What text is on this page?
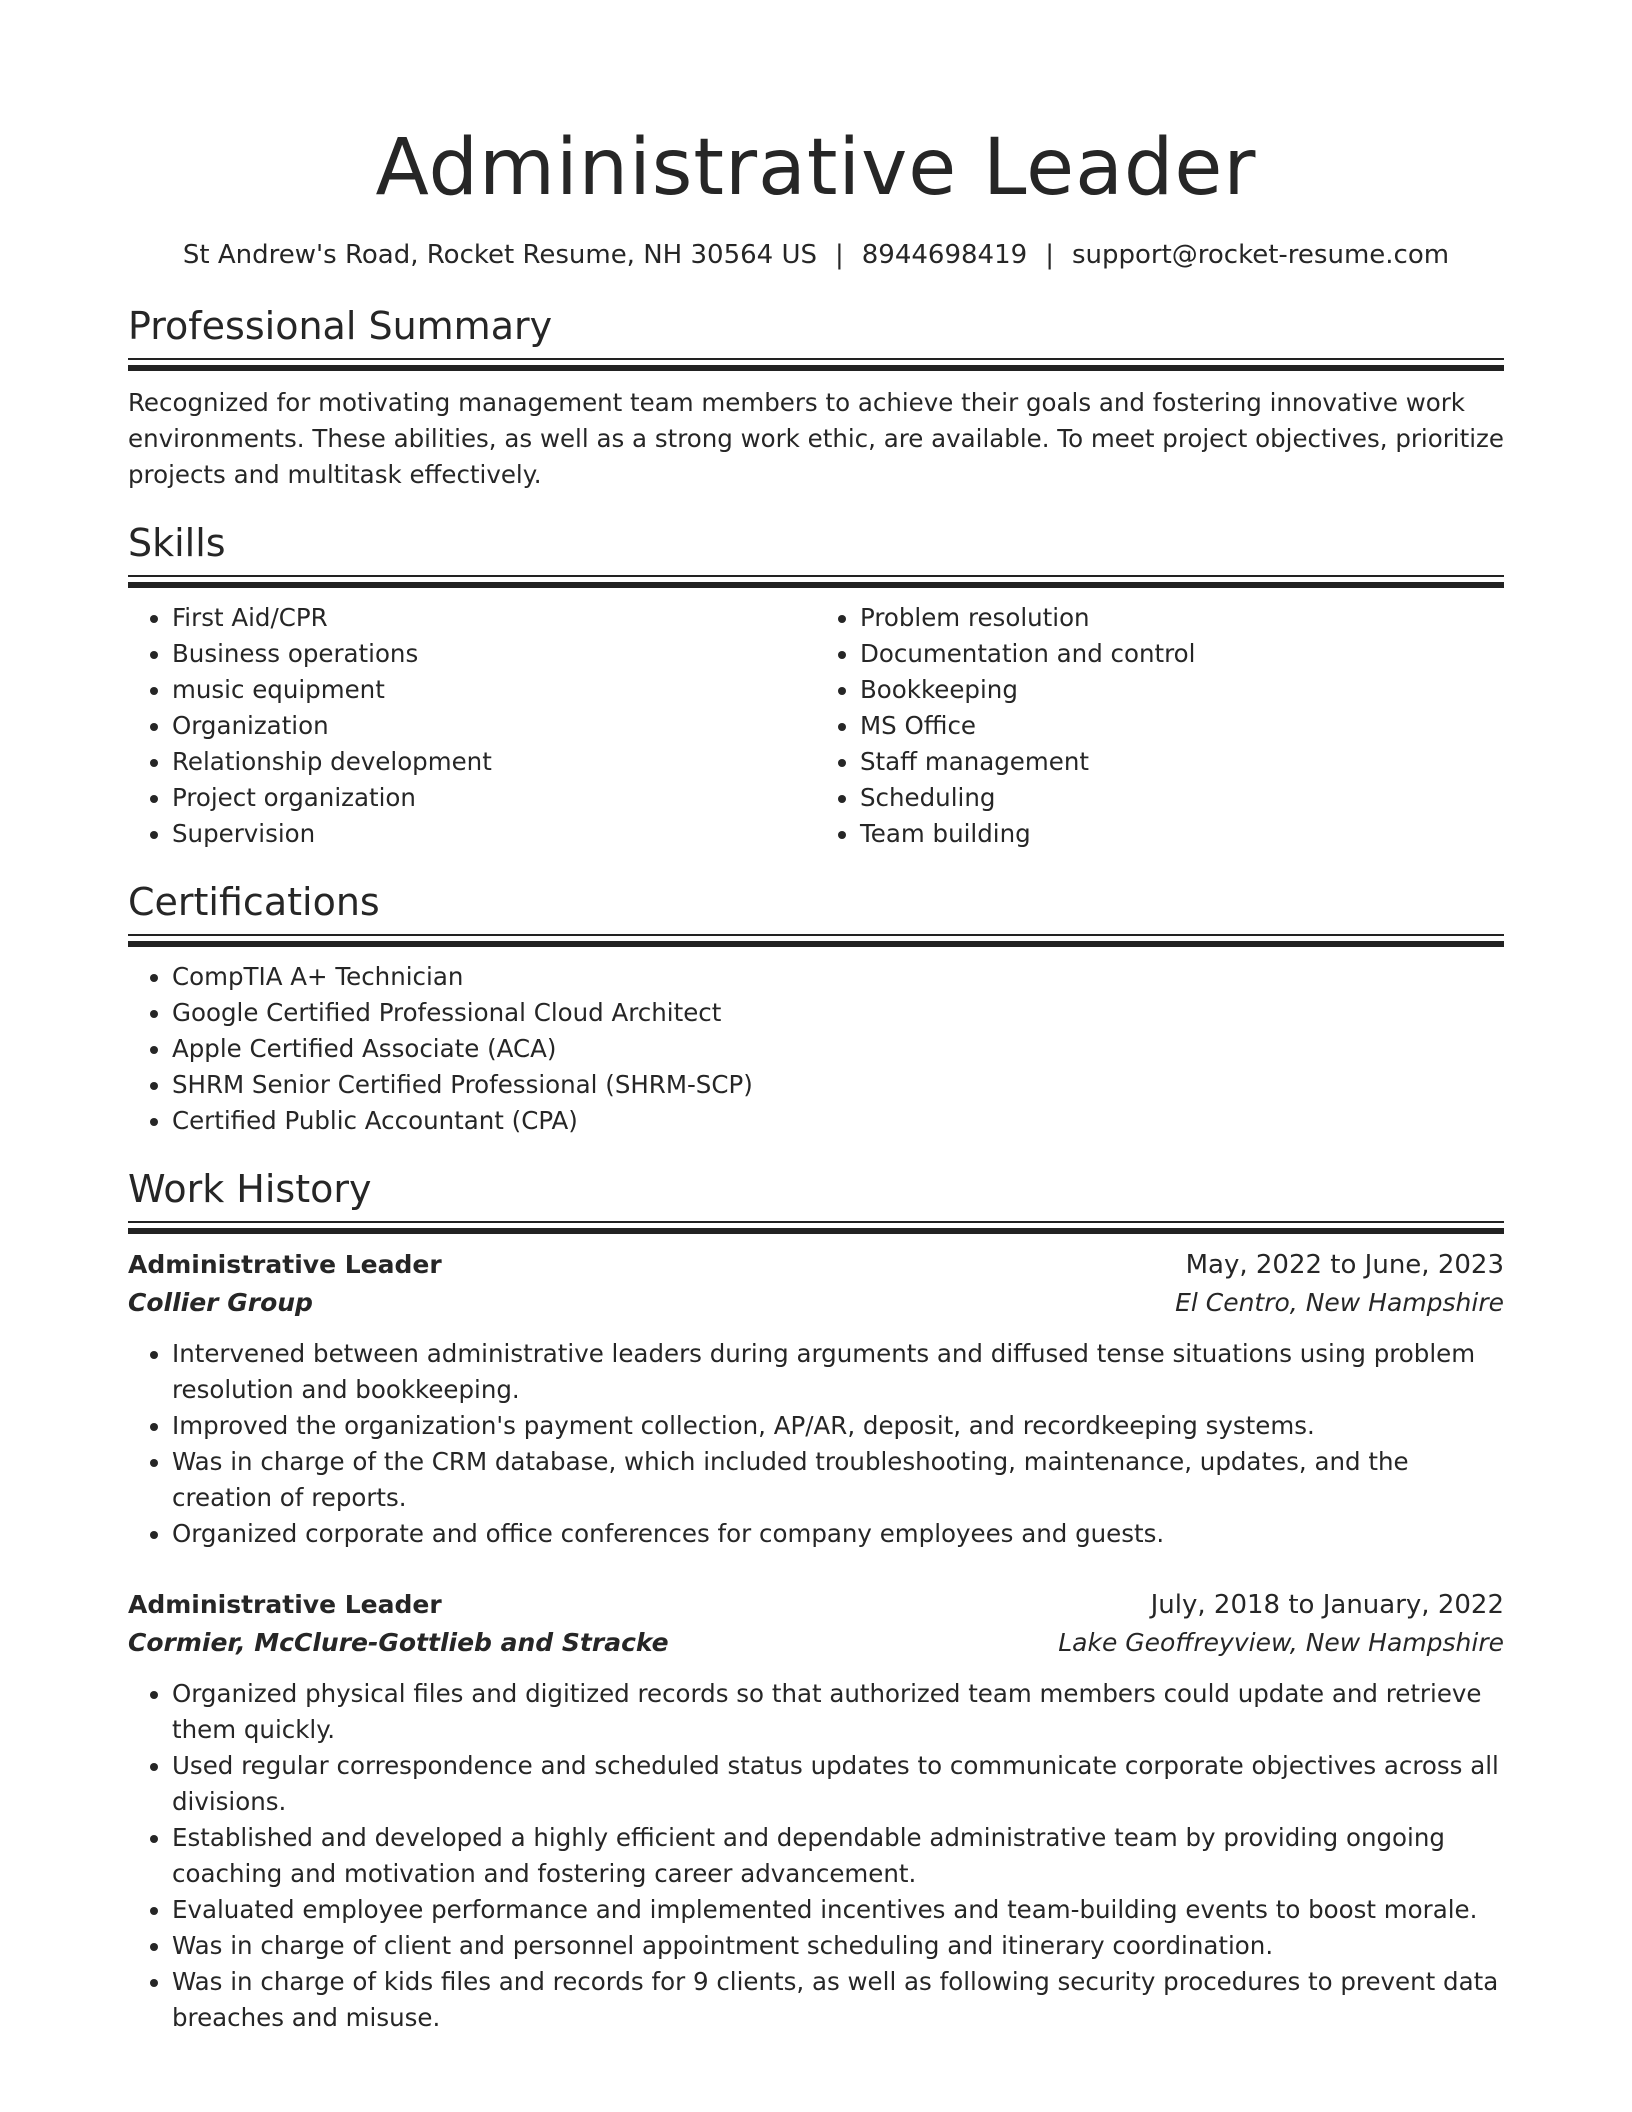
Administrative Leader
St Andrew's Road, Rocket Resume, NH 30564 US | 8944698419 | support@rocket-resume.com
Professional Summary

Recognized for motivating management team members to achieve their goals and fostering innovative work environments. These abilities, as well as a strong work ethic, are available. To meet project objectives, prioritize projects and multitask effectively.

Skills
• First Aid/CPR
• Business operations
• music equipment
• Organization
• Relationship development
• Project organization
• Supervision
• Problem resolution
• Documentation and control
• Bookkeeping
• MS Office
• Staff management
• Scheduling
• Team building
Certifications
• CompTIA A+ Technician
• Google Certified Professional Cloud Architect
• Apple Certified Associate (ACA)
• SHRM Senior Certified Professional (SHRM-SCP)
• Certified Public Accountant (CPA)
Work History
Administrative Leader	May, 2022 to June, 2023
Collier Group	El Centro, New Hampshire
• Intervened between administrative leaders during arguments and diffused tense situations using problem resolution and bookkeeping.
• Improved the organization's payment collection, AP/AR, deposit, and recordkeeping systems.
• Was in charge of the CRM database, which included troubleshooting, maintenance, updates, and the creation of reports.
• Organized corporate and office conferences for company employees and guests.
Administrative Leader	July, 2018 to January, 2022
Cormier, McClure-Gottlieb and Stracke	Lake Geoffreyview, New Hampshire
• Organized physical files and digitized records so that authorized team members could update and retrieve them quickly.
• Used regular correspondence and scheduled status updates to communicate corporate objectives across all divisions.
• Established and developed a highly efficient and dependable administrative team by providing ongoing coaching and motivation and fostering career advancement.
• Evaluated employee performance and implemented incentives and team-building events to boost morale.
• Was in charge of client and personnel appointment scheduling and itinerary coordination.
• Was in charge of kids files and records for 9 clients, as well as following security procedures to prevent data breaches and misuse.
